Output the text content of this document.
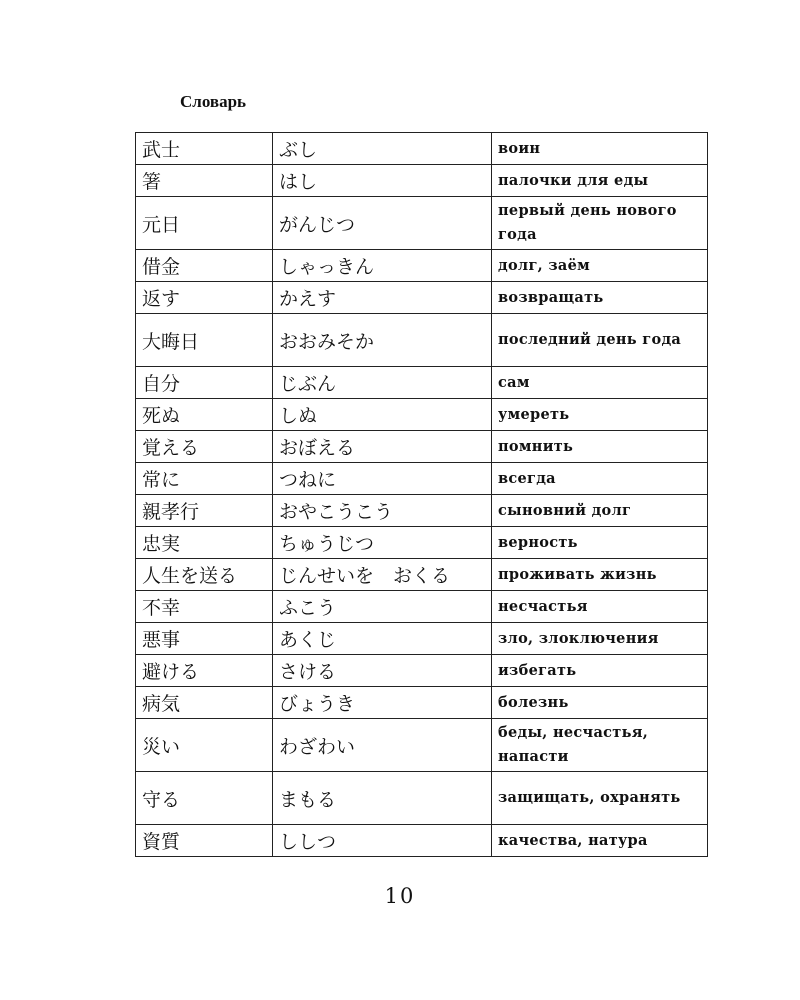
Словарь
武士	ぶし	воин
箸	はし	палочки для еды
元日	がんじつ	первый день нового года
借金	しゃっきん	долг, заём
返す	かえす	возвращать
大晦日	おおみそか	последний день года
自分	じぶん	сам
死ぬ	しぬ	умереть
覚える	おぼえる	помнить
常に	つねに	всегда
親孝行	おやこうこう	сыновний долг
忠実	ちゅうじつ	верность
人生を送る	じんせいを　おくる	проживать жизнь
不幸	ふこう	несчастья
悪事	あくじ	зло, злоключения
避ける	さける	избегать
病気	びょうき	болезнь
災い	わざわい	беды, несчастья, напасти
守る	まもる	защищать, охранять
資質	ししつ	качества, натура
10
